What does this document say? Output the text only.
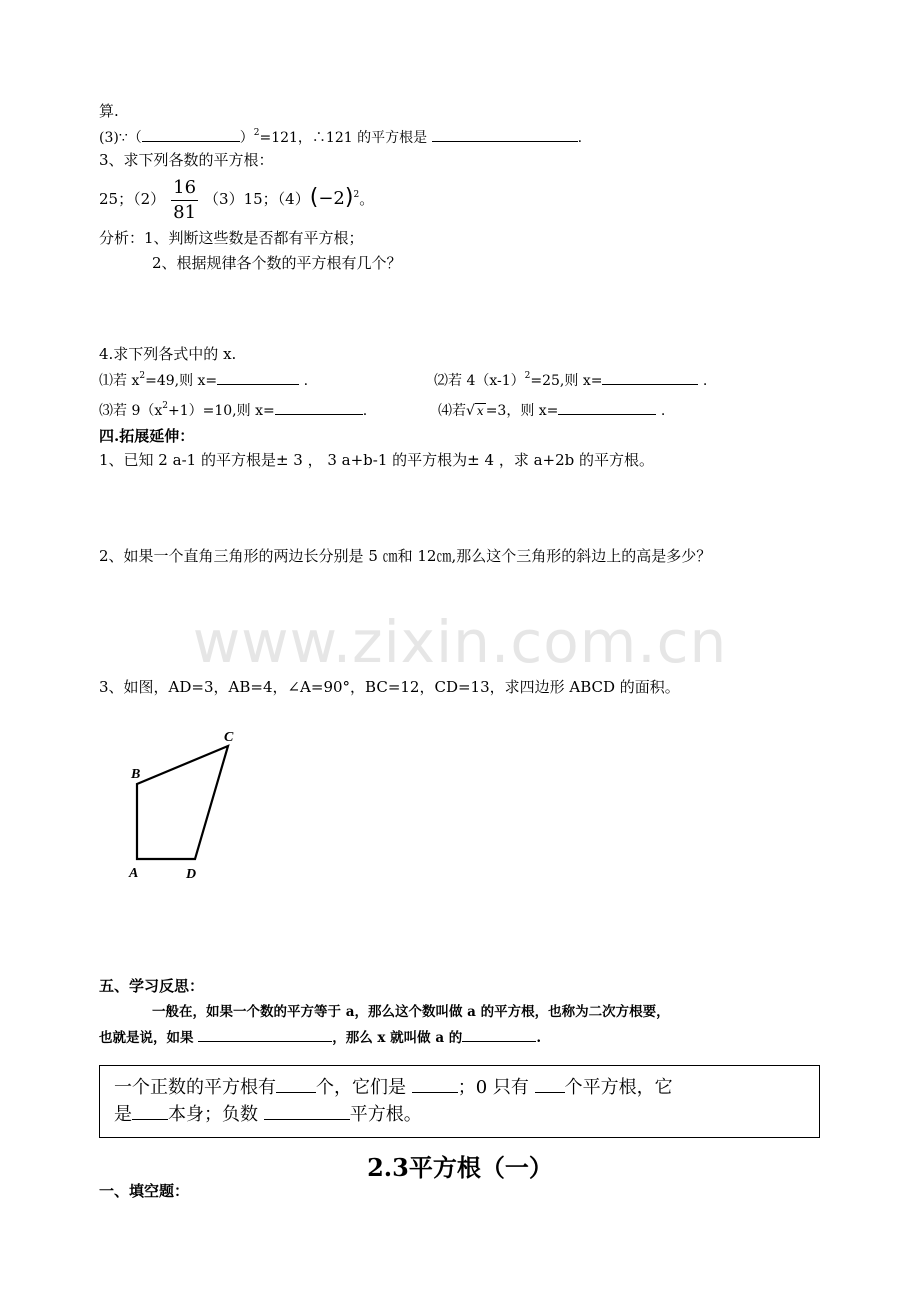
www.zixin.com.cn
算.
(3)∵（	）$^2$=121，∴121 的平方根是	.
3、求下列各数的平方根：
25；$(2) \frac{16}{81} (3)15$；$(4)(-2)^2$。
分析：1、判断这些数是否都有平方根；
2、根据规律各个数的平方根有几个？
4.求下列各式中的 x.
⑴若 $x^2=49$,则 x=	.	⑵若 $4(x-1)^2=25$,则 x=	.
⑶若 $9(x^2+1)=10$,则 x=	.	⑷若√ x =3，则 x=	.
四.拓展延伸：
1、已知 2 a-1 的平方根是± 3 ， 3 a+b-1 的平方根为± 4 ，求 a+2b 的平方根。
2、如果一个直角三角形的两边长分别是 5 ㎝和 12㎝,那么这个三角形的斜边上的高是多少？
3、如图，AD=3，AB=4，∠A=90°，BC=12，CD=13，求四边形 ABCD 的面积。
B
C
A	D
五、学习反思：
一般在，如果一个数的平方等于 a，那么这个数叫做 a 的平方根，也称为二次方根要，
也就是说，如果	，那么 x 就叫做 a 的	.
一个正数的平方根有 个，它们是	；0 只有 个平方根，它
是 本身；负数	平方根。
2.3平方根（一）
一、填空题：
